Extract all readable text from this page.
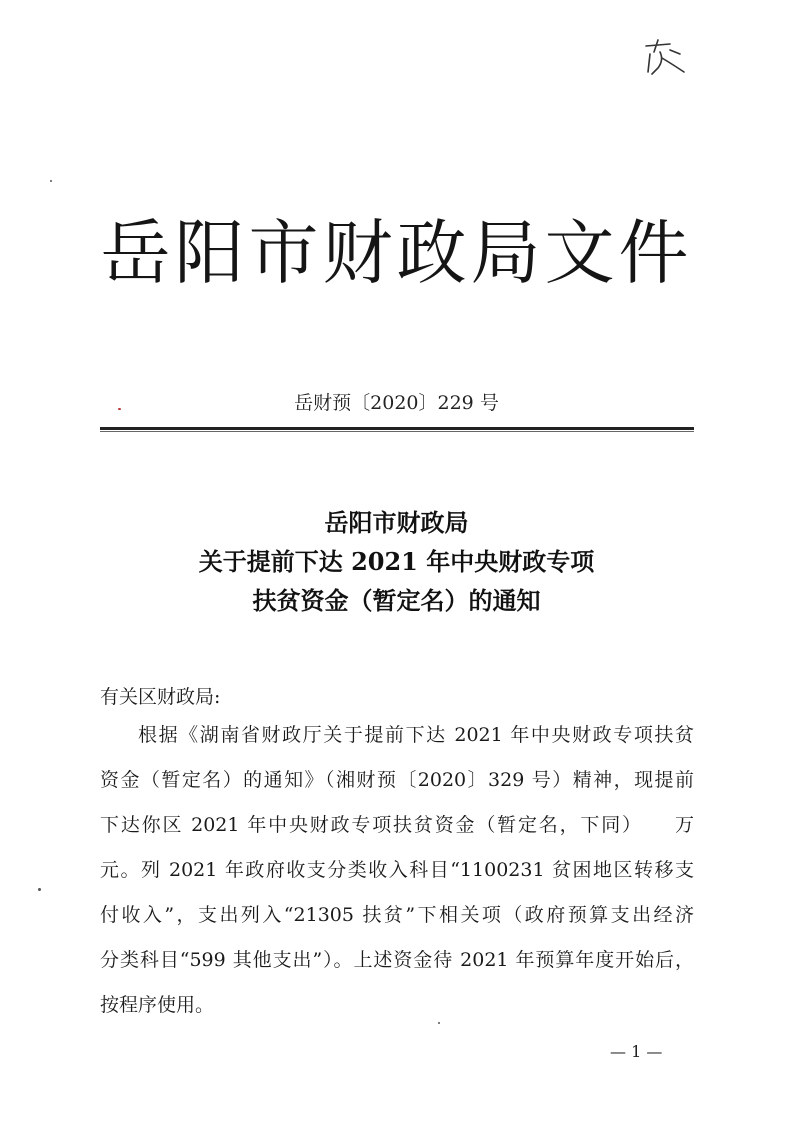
岳阳市财政局文件
岳财预〔2020〕229 号
岳阳市财政局
关于提前下达 2021 年中央财政专项
扶贫资金（暂定名）的通知
有关区财政局:
根据《湖南省财政厅关于提前下达 2021 年中央财政专项扶贫
资金（暂定名）的通知》（湘财预〔2020〕329 号）精神，现提前
下达你区 2021 年中央财政专项扶贫资金（暂定名，下同）　　万
元。列 2021 年政府收支分类收入科目“1100231 贫困地区转移支
付收入”，支出列入“21305 扶贫”下相关项（政府预算支出经济
分类科目“599 其他支出”）。上述资金待 2021 年预算年度开始后，
按程序使用。
— 1 —
